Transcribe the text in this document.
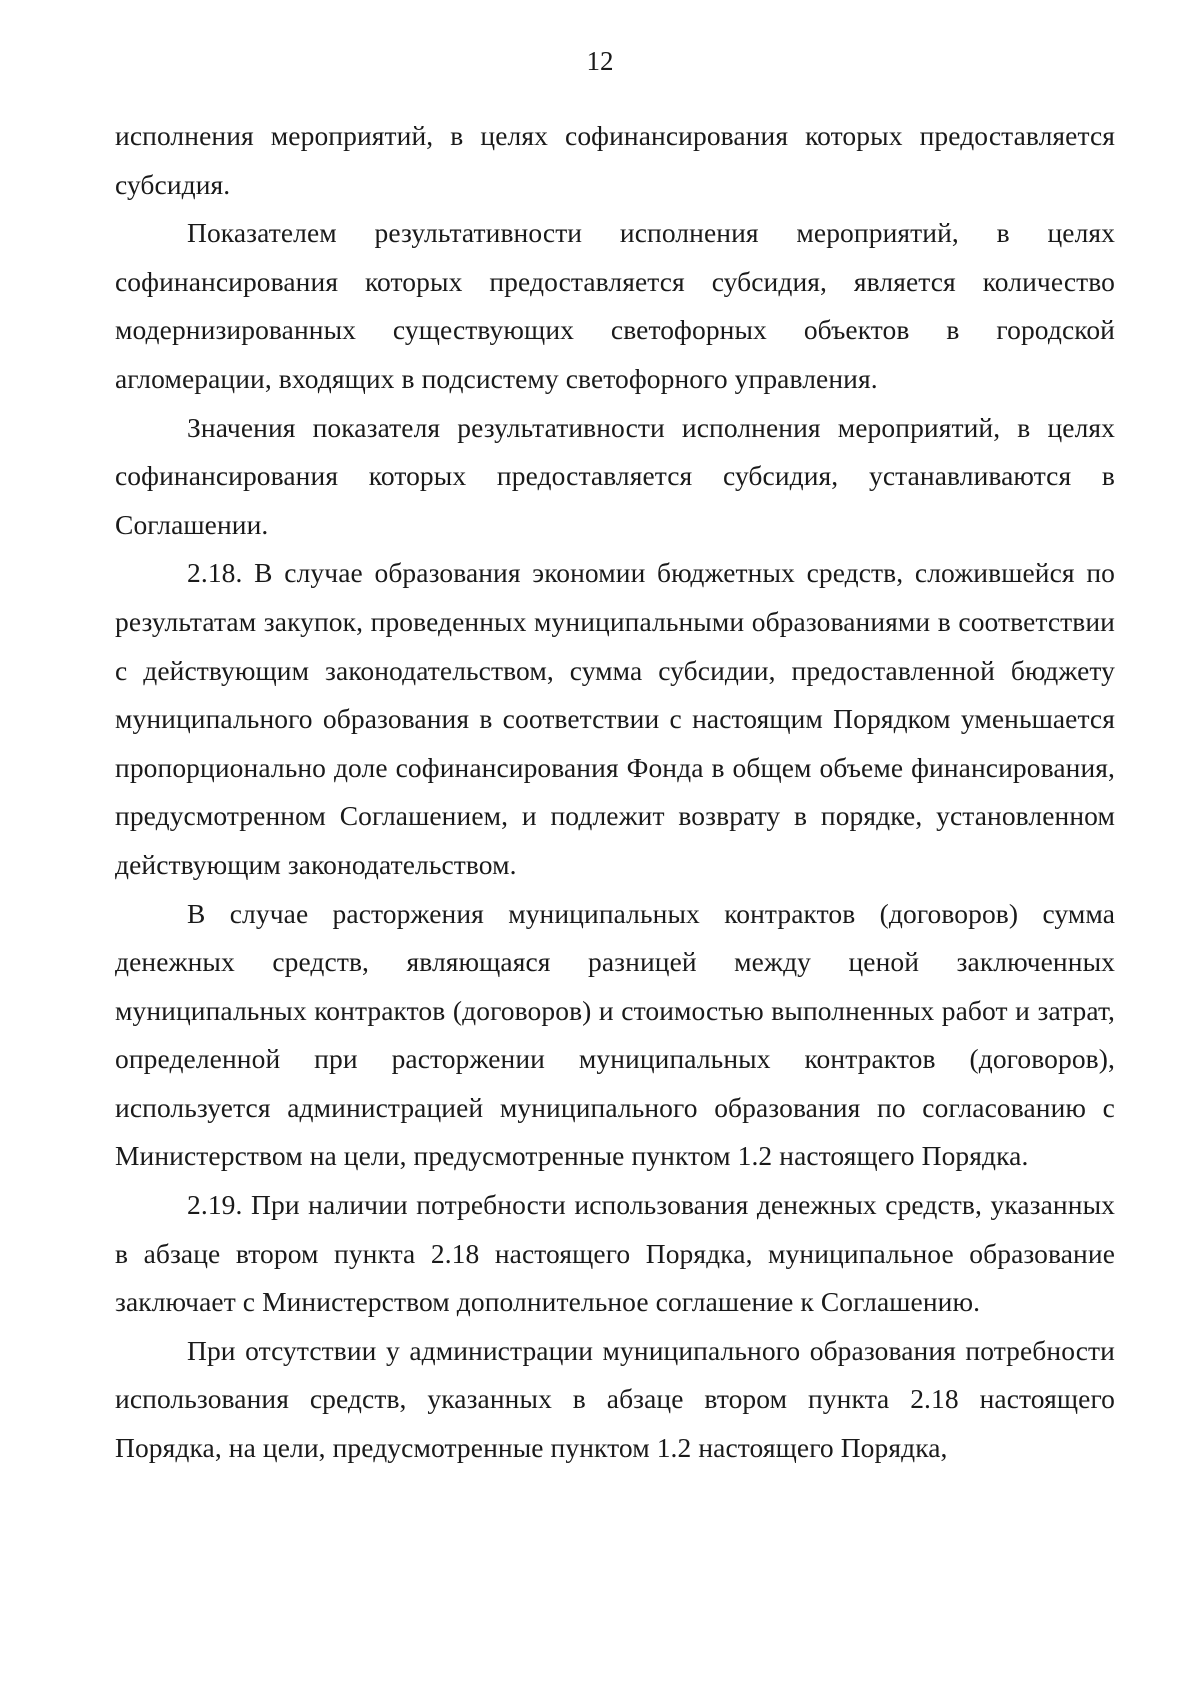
12

исполнения мероприятий, в целях софинансирования которых предоставляется субсидия.

Показателем результативности исполнения мероприятий, в целях софинансирования которых предоставляется субсидия, является количество модернизированных существующих светофорных объектов в городской агломерации, входящих в подсистему светофорного управления.

Значения показателя результативности исполнения мероприятий, в целях софинансирования которых предоставляется субсидия, устанавливаются в Соглашении.

2.18. В случае образования экономии бюджетных средств, сложившейся по результатам закупок, проведенных муниципальными образованиями в соответствии с действующим законодательством, сумма субсидии, предоставленной бюджету муниципального образования в соответствии с настоящим Порядком уменьшается пропорционально доле софинансирования Фонда в общем объеме финансирования, предусмотренном Соглашением, и подлежит возврату в порядке, установленном действующим законодательством.

В случае расторжения муниципальных контрактов (договоров) сумма денежных средств, являющаяся разницей между ценой заключенных муниципальных контрактов (договоров) и стоимостью выполненных работ и затрат, определенной при расторжении муниципальных контрактов (договоров), используется администрацией муниципального образования по согласованию с Министерством на цели, предусмотренные пунктом 1.2 настоящего Порядка.

2.19. При наличии потребности использования денежных средств, указанных в абзаце втором пункта 2.18 настоящего Порядка, муниципальное образование заключает с Министерством дополнительное соглашение к Соглашению.

При отсутствии у администрации муниципального образования потребности использования средств, указанных в абзаце втором пункта 2.18 настоящего Порядка, на цели, предусмотренные пунктом 1.2 настоящего Порядка,
